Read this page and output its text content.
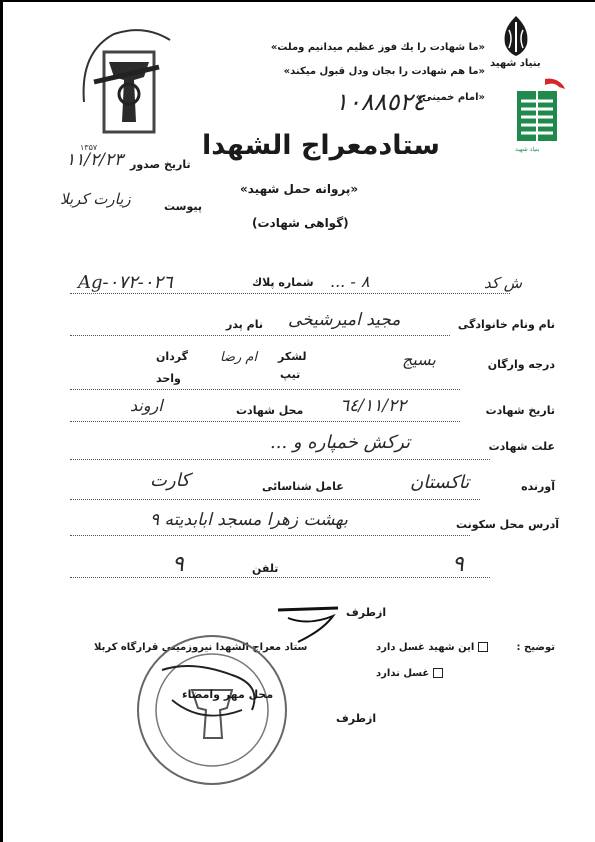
۱۳۵۷
بنیاد شهید
بنیاد شهید
«ما شهادت را یك فوز عظیم میدانیم وملت»
«ما هم شهادت را بجان ودل قبول میكند»
«امام خمینی»
١٠٨٨٥٢٤
ستادمعراج الشهدا
«پروانه حمل شهید»
(گواهی شهادت)
تاریخ صدور
١١/٢/٢٣
پیوست
زیارت کربلا
ش کد
٨ - ...
شماره پلاك
Ag-٠٢٦-٠٧٢
نام ونام خانوادگی
مجید امیرشیخی
نام پدر
درجه وارگان
بسیج
لشكر
ام رضا
تیپ
گردان
واحد
تاریخ شهادت
٦٤/١١/٢٢
محل شهادت
اروند
علت شهادت
ترکش خمپاره و ...
آورنده
تاکستان
عامل شناسائی
کارت
آدرس محل سكونت
بهشت زهرا مسجد ابابدیته ٩
تلفن	٩
٩
ازطرف
توضیح :
این شهید غسل دارد
ستاد معراج الشهدا نیروزمینی قرارگاه کربلا
غسل ندارد
محل مهر وامضاء
ازطرف
